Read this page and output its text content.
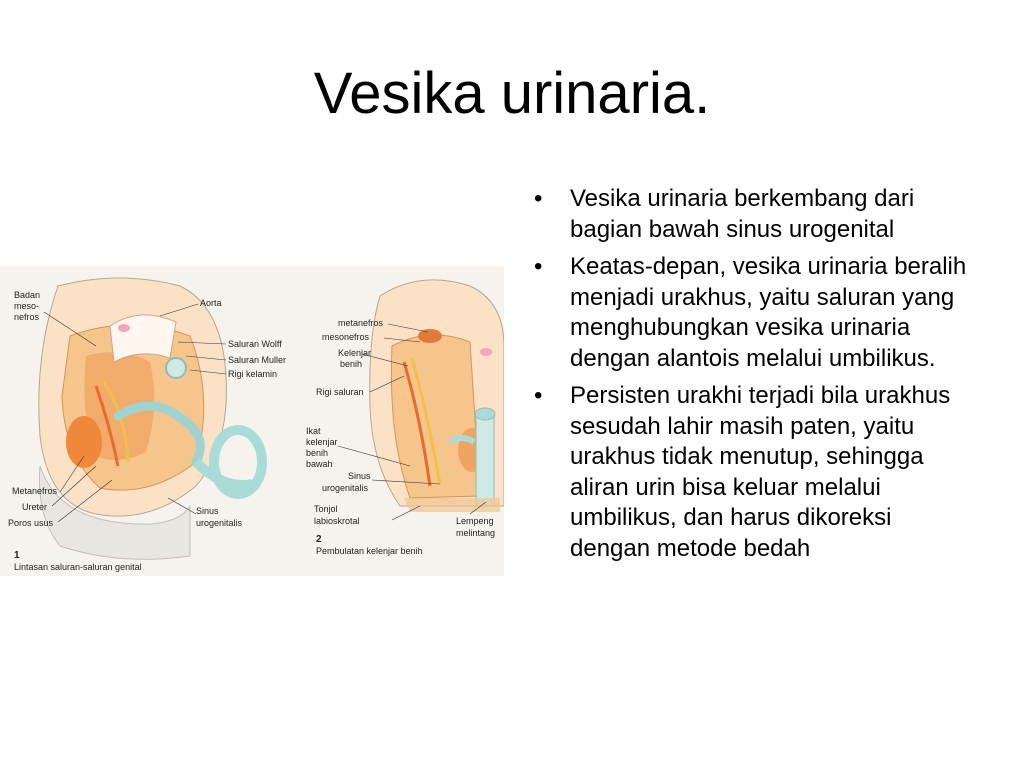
Vesika urinaria.
• Vesika urinaria berkembang dari bagian bawah sinus urogenital
• Keatas-depan, vesika urinaria beralih menjadi urakhus, yaitu saluran yang menghubungkan vesika urinaria dengan alantois melalui umbilikus.
• Persisten urakhi terjadi bila urakhus sesudah lahir masih paten, yaitu urakhus tidak menutup, sehingga aliran urin bisa keluar melalui umbilikus, dan harus dikoreksi dengan metode bedah
Badan
meso-
nefros
Aorta
Saluran Wolff
Saluran Muller
Rigi kelamin
Metanefros
Ureter
Poros usus
Sinus
urogenitalis
1
Lintasan saluran-saluran genital
metanefros
mesonefros
Kelenjar
benih
Rigi saluran
Ikat
kelenjar
benih
bawah
Sinus
urogenitalis
Tonjol
labioskrotal	Lempeng
melintang
2
Pembulatan kelenjar benih
